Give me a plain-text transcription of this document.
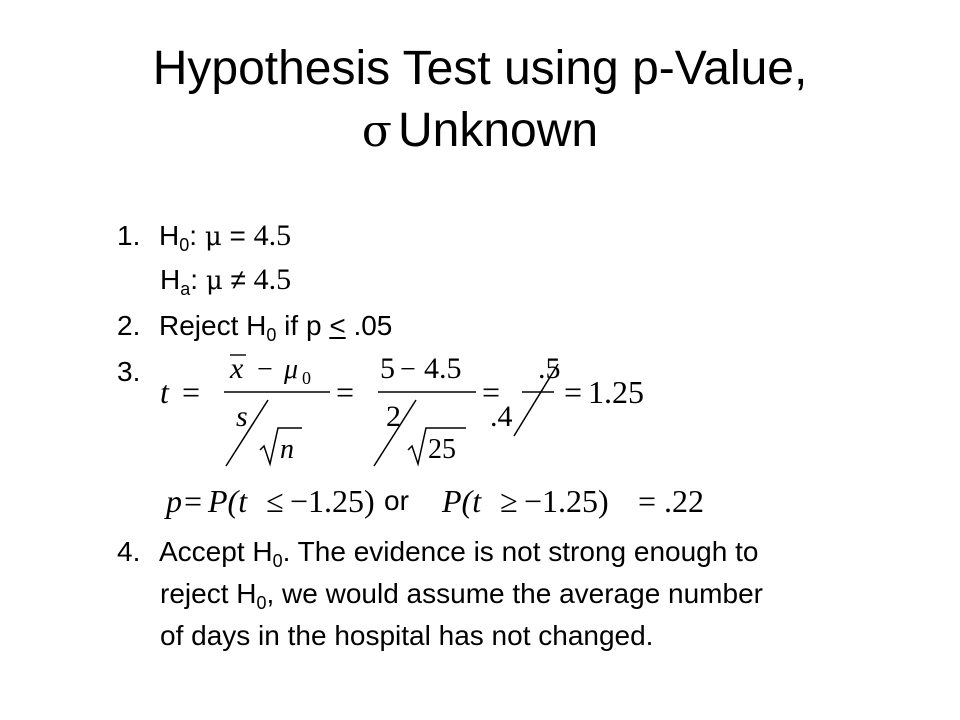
Hypothesis Test using p-Value,
σ Unknown
1. $H_0$: μ = 4.5
$H_a$: μ ≠ 4.5
2. Reject $H_0$ if p ≤ .05
3.
t =
x − μ 0
s
n
=
5 − 4.5
2
25
=
.5
.4
= 1.25
p = P(t ≤ −1.25) or P(t ≥ −1.25) = .22
4. Accept $H_0$. The evidence is not strong enough to
reject $H_0$, we would assume the average number
of days in the hospital has not changed.
